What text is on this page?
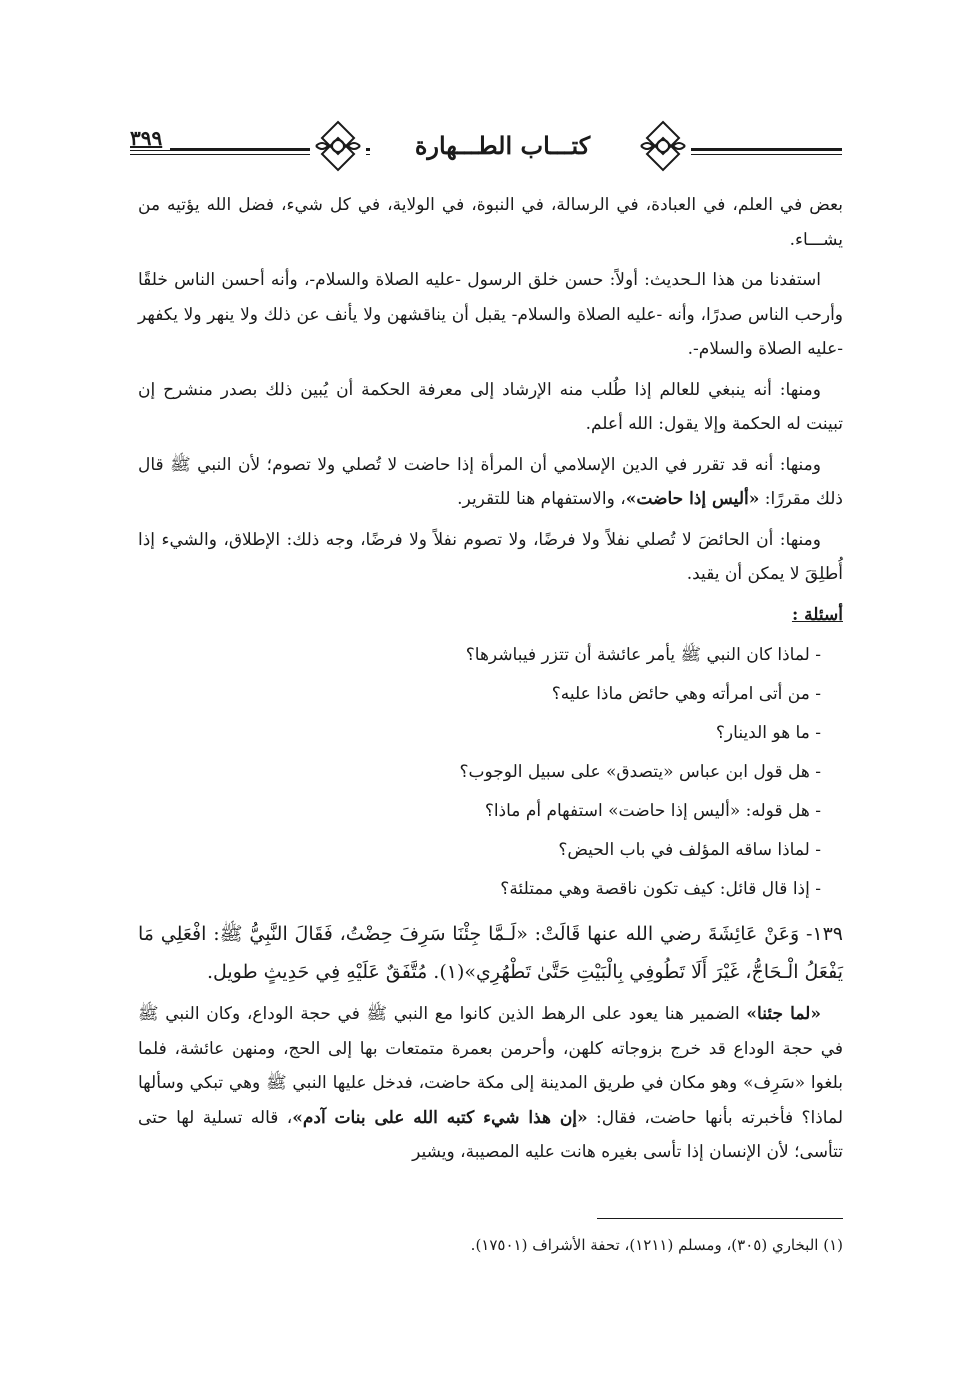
٣٩٩	كتـــاب الطـــهارة

بعض في العلم، في العبادة، في الرسالة، في النبوة، في الولاية، في كل شيء، فضل الله يؤتيه من يشـــاء.

استفدنا من هذا الـحديث: أولاً: حسن خلق الرسول -عليه الصلاة والسلام-، وأنه أحسن الناس خلقًا وأرحب الناس صدرًا، وأنه -عليه الصلاة والسلام- يقبل أن يناقشهن ولا يأنف عن ذلك ولا ينهر ولا يكفهر -عليه الصلاة والسلام-.

ومنها: أنه ينبغي للعالم إذا طُلب منه الإرشاد إلى معرفة الحكمة أن يُبين ذلك بصدر منشرح إن تبينت له الحكمة وإلا يقول: الله أعلم.

ومنها: أنه قد تقرر في الدين الإسلامي أن المرأة إذا حاضت لا تُصلي ولا تصوم؛ لأن النبي ﷺ قال ذلك مقررًا: «أليس إذا حاضت»، والاستفهام هنا للتقرير.

ومنها: أن الحائضَ لا تُصلي نفلاً ولا فرضًا، ولا تصوم نفلاً ولا فرضًا، وجه ذلك: الإطلاق، والشيء إذا أُطلِقَ لا يمكن أن يقيد.

أسئلة :
- لماذا كان النبي ﷺ يأمر عائشة أن تتزر فيباشرها؟
- من أتى امرأته وهي حائض ماذا عليه؟
- ما هو الدينار؟
- هل قول ابن عباس «يتصدق» على سبيل الوجوب؟
- هل قوله: «أليس إذا حاضت» استفهام أم ماذا؟
- لماذا ساقه المؤلف في باب الحيض؟
- إذا قال قائل: كيف تكون ناقصة وهي ممتلئة؟

١٣٩- وَعَنْ عَائِشَةَ رضي الله عنها قَالَتْ: «لَـمَّا جِئْنَا سَرِفَ حِضْتُ، فَقَالَ النَّبِيُّ ﷺ: افْعَلِي مَا يَفْعَلُ الْـحَاجُّ، غَيْرَ أَلَا تَطُوفِي بِالْبَيْتِ حَتَّىٰ تَطْهُرِي»(١). مُتَّفَقٌ عَلَيْهِ فِي حَدِيثٍ طويل.

«لما جئنا» الضمير هنا يعود على الرهط الذين كانوا مع النبي ﷺ في حجة الوداع، وكان النبي ﷺ في حجة الوداع قد خرج بزوجاته كلهن، وأحرمن بعمرة متمتعات بها إلى الحج، ومنهن عائشة، فلما بلغوا «سَرِف» وهو مكان في طريق المدينة إلى مكة حاضت، فدخل عليها النبي ﷺ وهي تبكي وسألها لماذا؟ فأخبرته بأنها حاضت، فقال: «إن هذا شيء كتبه الله على بنات آدم»، قاله تسلية لها حتى تتأسى؛ لأن الإنسان إذا تأسى بغيره هانت عليه المصيبة، ويشير

(١) البخاري (٣٠٥)، ومسلم (١٢١١)، تحفة الأشراف (١٧٥٠١).
